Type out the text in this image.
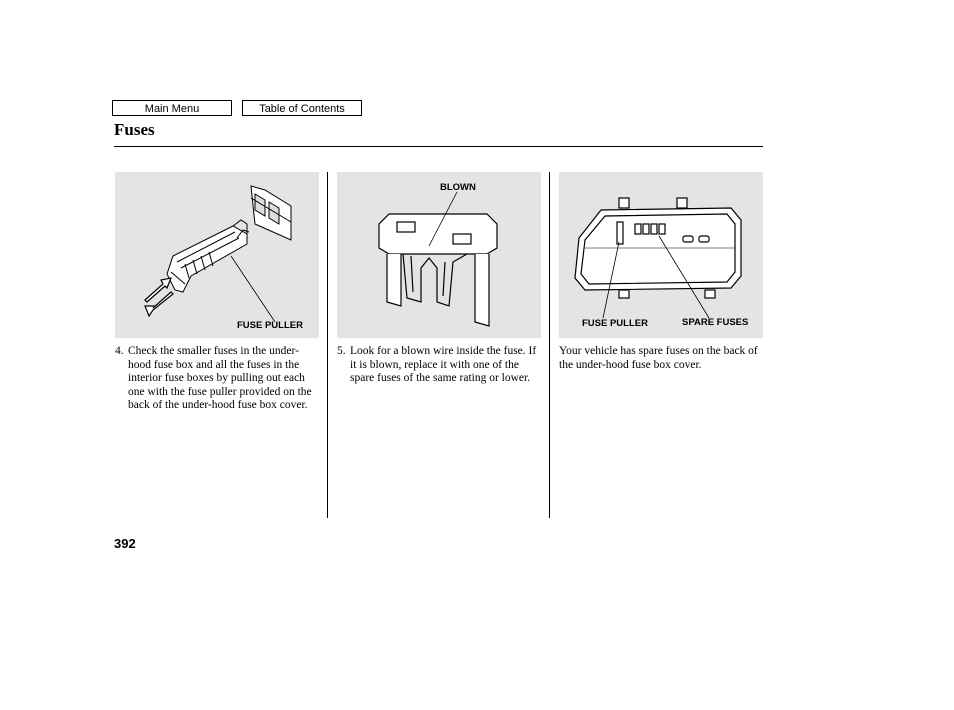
Main Menu	Table of Contents
Fuses
FUSE PULLER
BLOWN
FUSE PULLER	SPARE FUSES
4. Check the smaller fuses in the under-hood fuse box and all the fuses in the interior fuse boxes by pulling out each one with the fuse puller provided on the back of the under-hood fuse box cover.
5. Look for a blown wire inside the fuse. If it is blown, replace it with one of the spare fuses of the same rating or lower.
Your vehicle has spare fuses on the back of the under-hood fuse box cover.
392
